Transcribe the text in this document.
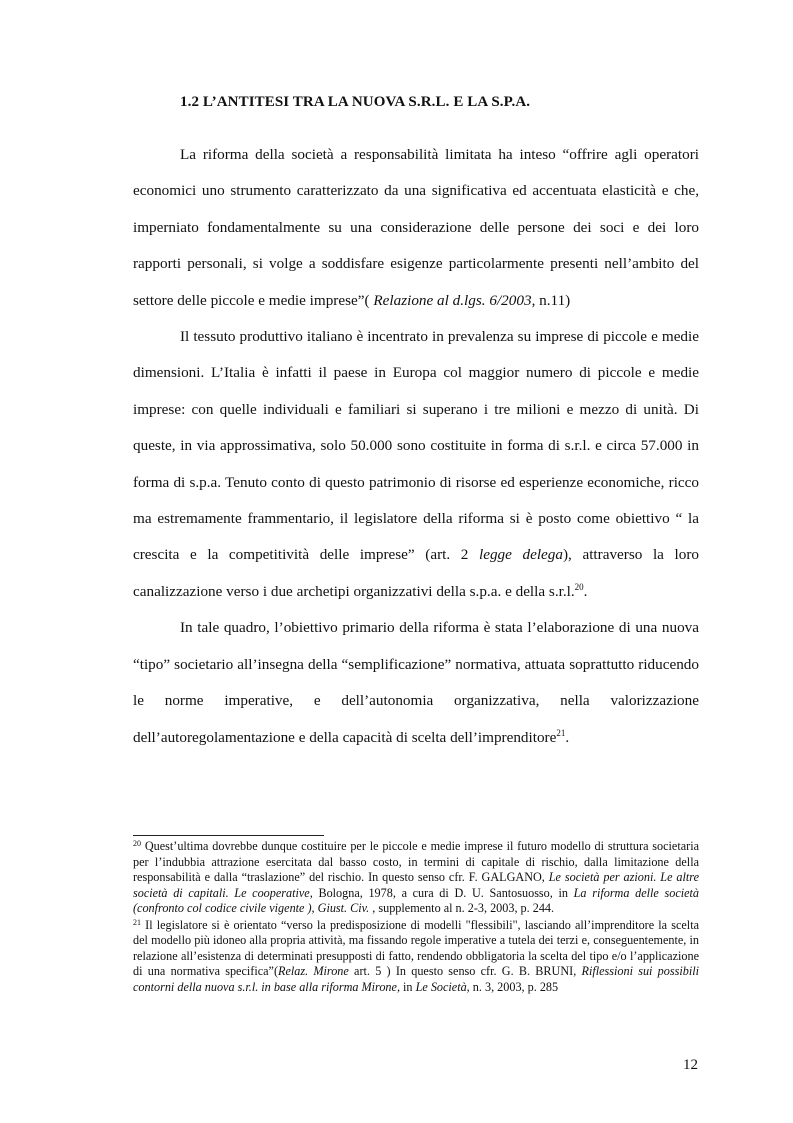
1.2 L’ANTITESI TRA LA NUOVA S.R.L. E LA S.P.A.

La riforma della società a responsabilità limitata ha inteso “offrire agli operatori economici uno strumento caratterizzato da una significativa ed accentuata elasticità e che, imperniato fondamentalmente su una considerazione delle persone dei soci e dei loro rapporti personali, si volge a soddisfare esigenze particolarmente presenti nell’ambito del settore delle piccole e medie imprese”( Relazione al d.lgs. 6/2003, n.11)

Il tessuto produttivo italiano è incentrato in prevalenza su imprese di piccole e medie dimensioni. L’Italia è infatti il paese in Europa col maggior numero di piccole e medie imprese: con quelle individuali e familiari si superano i tre milioni e mezzo di unità. Di queste, in via approssimativa, solo 50.000 sono costituite in forma di s.r.l. e circa 57.000 in forma di s.p.a. Tenuto conto di questo patrimonio di risorse ed esperienze economiche, ricco ma estremamente frammentario, il legislatore della riforma si è posto come obiettivo “ la crescita e la competitività delle imprese” (art. 2 legge delega), attraverso la loro canalizzazione verso i due archetipi organizzativi della s.p.a. e della s.r.l.$^{20}$.

In tale quadro, l’obiettivo primario della riforma è stata l’elaborazione di una nuova “tipo” societario all’insegna della “semplificazione” normativa, attuata soprattutto riducendo le norme imperative, e dell’autonomia organizzativa, nella valorizzazione dell’autoregolamentazione e della capacità di scelta dell’imprenditore$^{21}$.

$^{20}$ Quest’ultima dovrebbe dunque costituire per le piccole e medie imprese il futuro modello di struttura societaria per l’indubbia attrazione esercitata dal basso costo, in termini di capitale di rischio, dalla limitazione della responsabilità e dalla “traslazione” del rischio. In questo senso cfr. F. GALGANO, Le società per azioni. Le altre società di capitali. Le cooperative, Bologna, 1978, a cura di D. U. Santosuosso, in La riforma delle società (confronto col codice civile vigente ), Giust. Civ. , supplemento al n. 2-3, 2003, p. 244.

$^{21}$ Il legislatore si è orientato “verso la predisposizione di modelli "flessibili", lasciando all’imprenditore la scelta del modello più idoneo alla propria attività, ma fissando regole imperative a tutela dei terzi e, conseguentemente, in relazione all’esistenza di determinati presupposti di fatto, rendendo obbligatoria la scelta del tipo e/o l’applicazione di una normativa specifica”(Relaz. Mirone art. 5 ) In questo senso cfr. G. B. BRUNI, Riflessioni sui possibili contorni della nuova s.r.l. in base alla riforma Mirone, in Le Società, n. 3, 2003, p. 285

12
